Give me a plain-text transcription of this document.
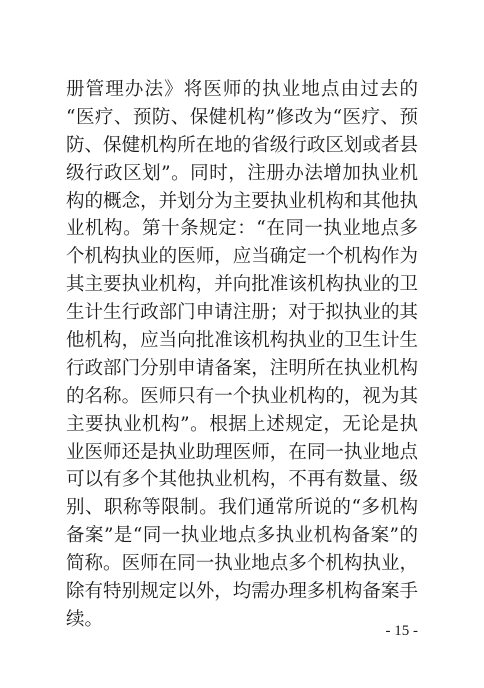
册管理办法》将医师的执业地点由过去的
“医疗、预防、保健机构”修改为“医疗、预
防、保健机构所在地的省级行政区划或者县
级行政区划”。同时，注册办法增加执业机
构的概念，并划分为主要执业机构和其他执
业机构。第十条规定：“在同一执业地点多
个机构执业的医师，应当确定一个机构作为
其主要执业机构，并向批准该机构执业的卫
生计生行政部门申请注册；对于拟执业的其
他机构，应当向批准该机构执业的卫生计生
行政部门分别申请备案，注明所在执业机构
的名称。医师只有一个执业机构的，视为其
主要执业机构”。根据上述规定，无论是执
业医师还是执业助理医师，在同一执业地点
可以有多个其他执业机构，不再有数量、级
别、职称等限制。我们通常所说的“多机构
备案”是“同一执业地点多执业机构备案”的
简称。医师在同一执业地点多个机构执业，
除有特别规定以外，均需办理多机构备案手
续。
- 15 -
